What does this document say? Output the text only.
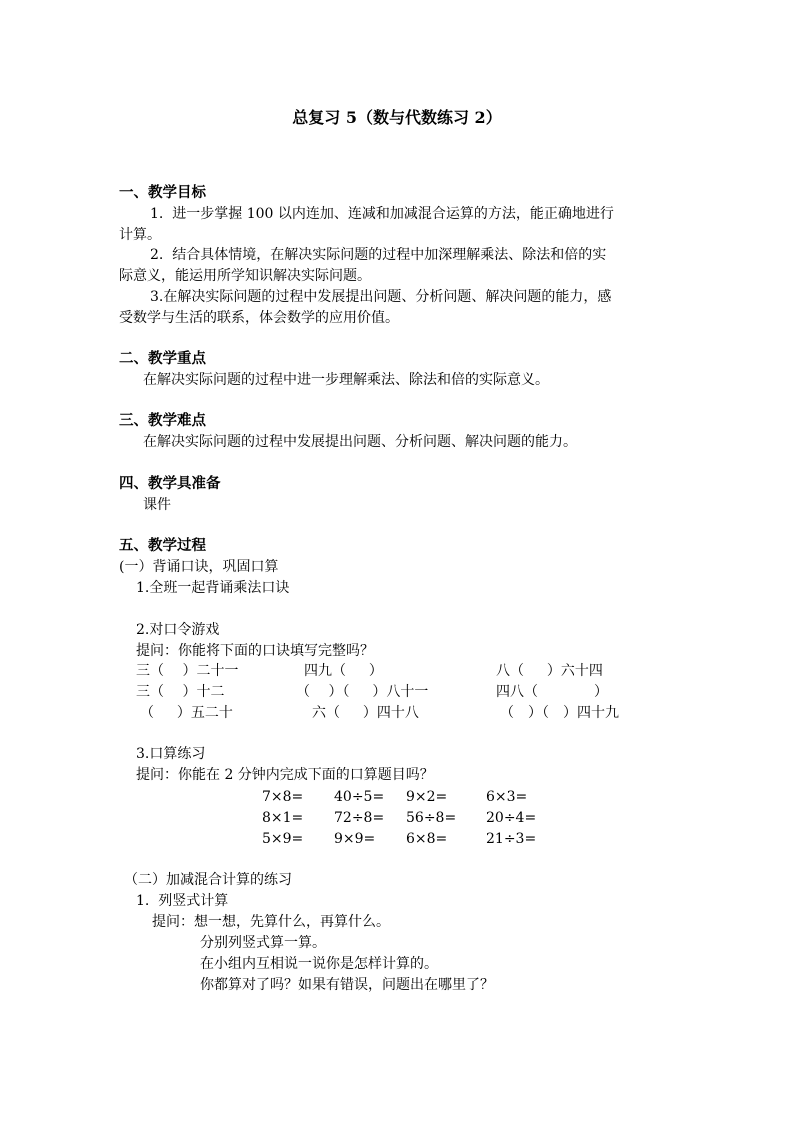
总复习 5（数与代数练习 2）
一、教学目标
1.  进一步掌握 100 以内连加、连减和加减混合运算的方法，能正确地进行
计算。
2.  结合具体情境，在解决实际问题的过程中加深理解乘法、除法和倍的实
际意义，能运用所学知识解决实际问题。
3.在解决实际问题的过程中发展提出问题、分析问题、解决问题的能力，感
受数学与生活的联系，体会数学的应用价值。
二、教学重点
在解决实际问题的过程中进一步理解乘法、除法和倍的实际意义。
三、教学难点
在解决实际问题的过程中发展提出问题、分析问题、解决问题的能力。
四、教学具准备
课件
五、教学过程
(一）背诵口诀，巩固口算
1.全班一起背诵乘法口诀
2.对口令游戏
提问：你能将下面的口诀填写完整吗？
三（　 ）二十一	四九（　  ）	八（　  ）六十四
三（　 ）十二	（　 ）（　  ）八十一	四八（　　　　）
（　  ）五二十	六（　  ）四十八	（　）（　）四十九
3.口算练习
提问：你能在 2 分钟内完成下面的口算题目吗？
7×8= 40÷5= 9×2=	6×3=
8×1= 72÷8= 56÷8= 20÷4=
5×9= 9×9= 6×8=	21÷3=
（二）加减混合计算的练习
1.  列竖式计算
提问：想一想，先算什么，再算什么。
分别列竖式算一算。
在小组内互相说一说你是怎样计算的。
你都算对了吗？如果有错误，问题出在哪里了？
